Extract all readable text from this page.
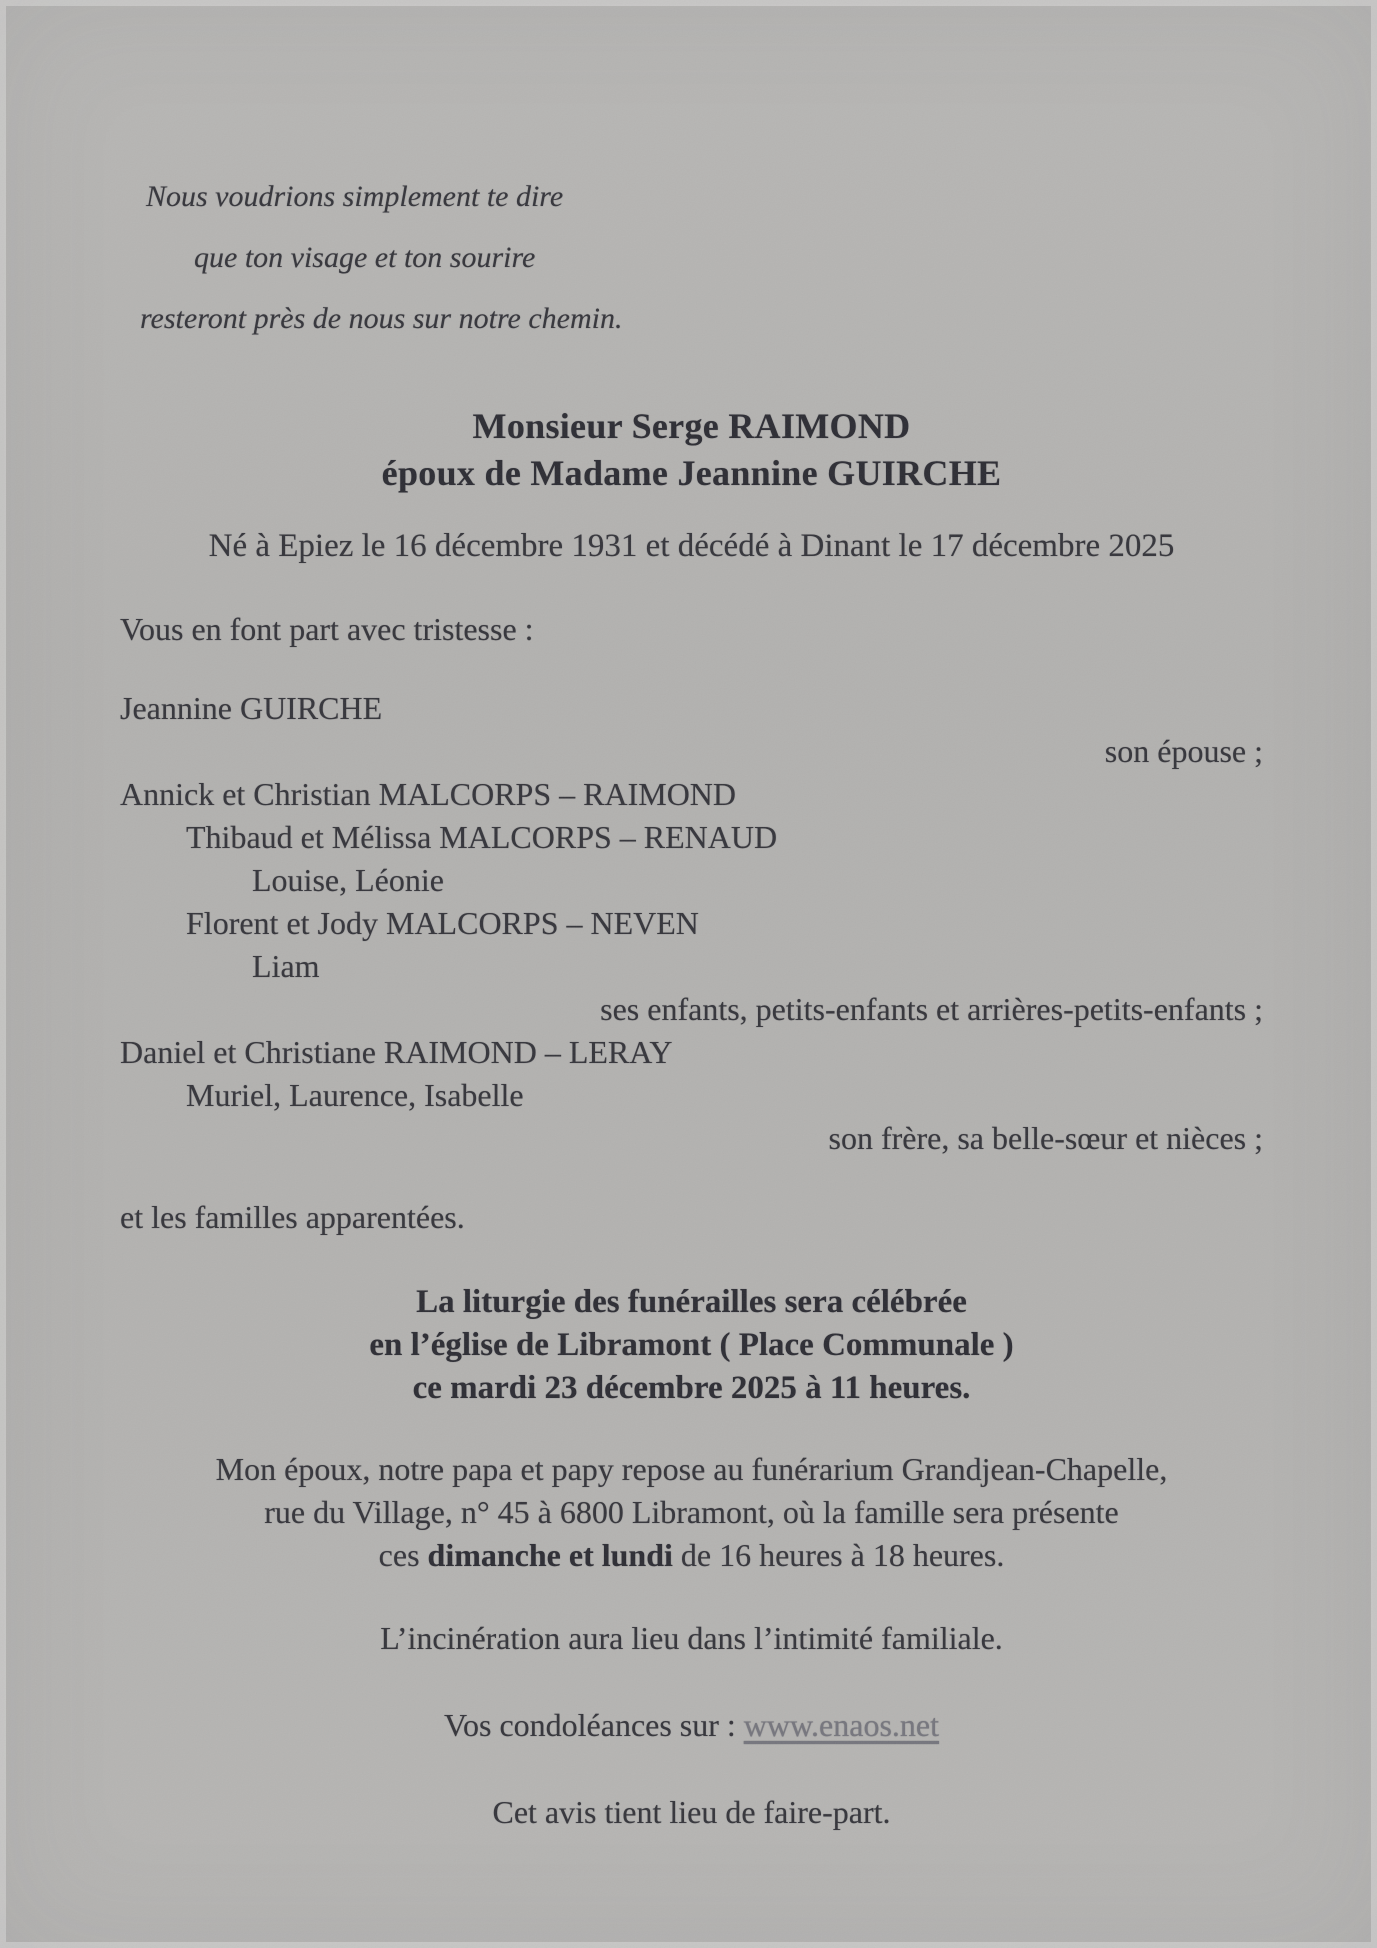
Nous voudrions simplement te dire
que ton visage et ton sourire
resteront près de nous sur notre chemin.
Monsieur Serge RAIMOND
époux de Madame Jeannine GUIRCHE
Né à Epiez le 16 décembre 1931 et décédé à Dinant le 17 décembre 2025
Vous en font part avec tristesse :
Jeannine GUIRCHE
son épouse ;
Annick et Christian MALCORPS – RAIMOND
Thibaud et Mélissa MALCORPS – RENAUD
Louise, Léonie
Florent et Jody MALCORPS – NEVEN
Liam
ses enfants, petits-enfants et arrières-petits-enfants ;
Daniel et Christiane RAIMOND – LERAY
Muriel, Laurence, Isabelle
son frère, sa belle-sœur et nièces ;
et les familles apparentées.
La liturgie des funérailles sera célébrée
en l’église de Libramont ( Place Communale )
ce mardi 23 décembre 2025 à 11 heures.
Mon époux, notre papa et papy repose au funérarium Grandjean-Chapelle,
rue du Village, n° 45 à 6800 Libramont, où la famille sera présente
ces dimanche et lundi de 16 heures à 18 heures.
L’incinération aura lieu dans l’intimité familiale.
Vos condoléances sur : www.enaos.net
Cet avis tient lieu de faire-part.
